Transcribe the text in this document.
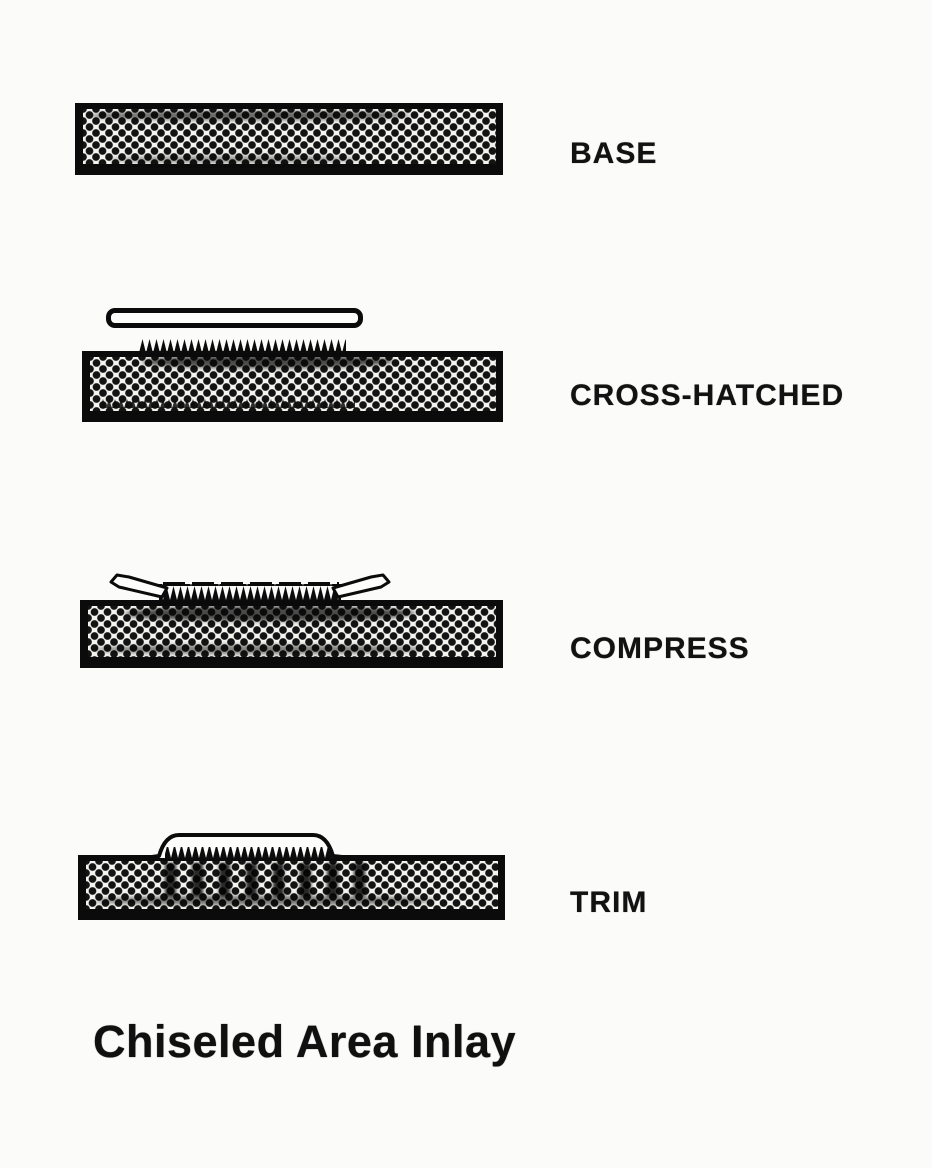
BASE
CROSS-HATCHED
COMPRESS
TRIM
Chiseled Area Inlay
